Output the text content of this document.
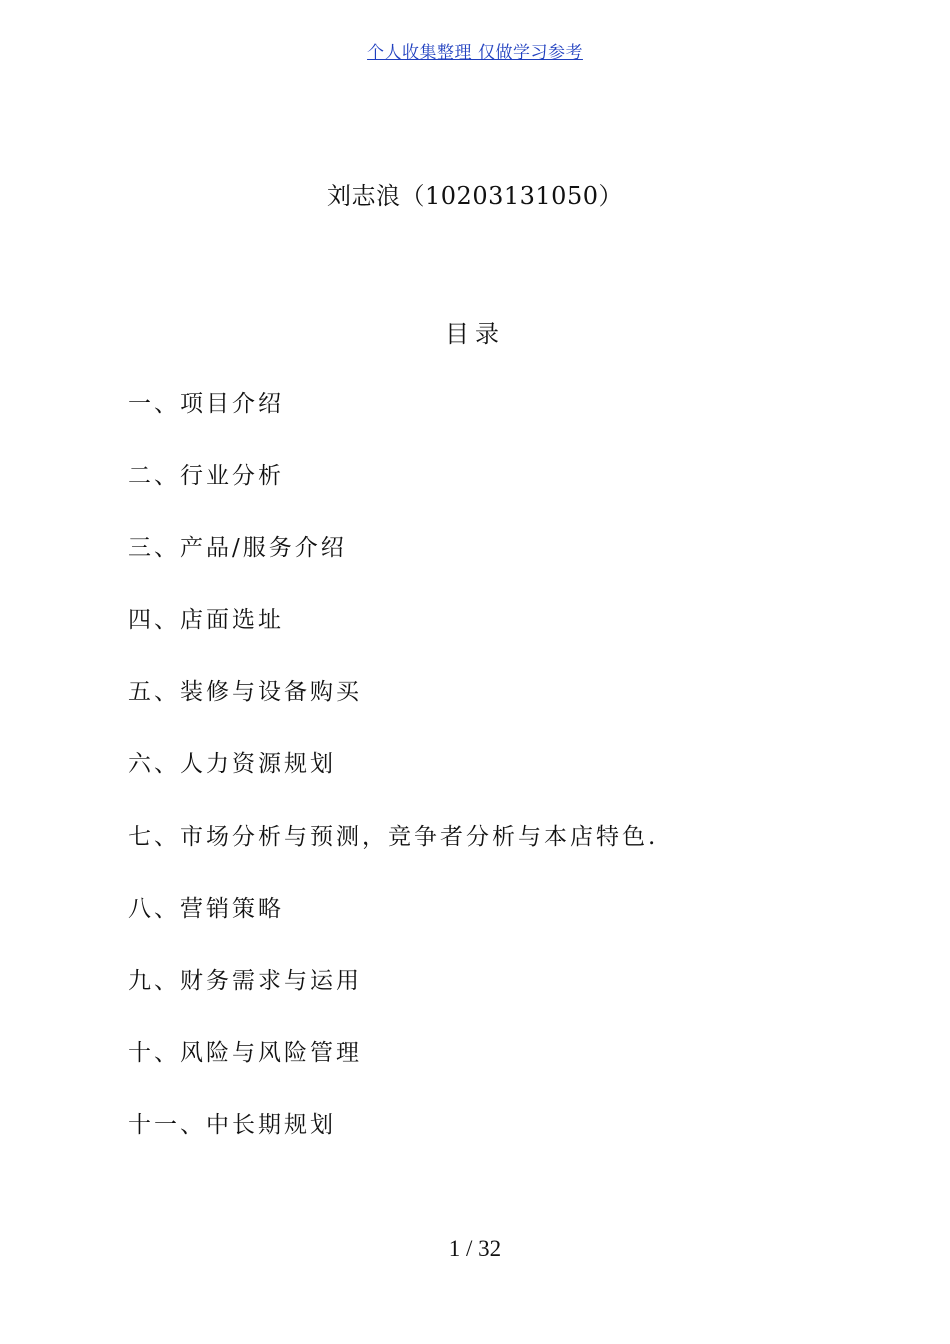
个人收集整理 仅做学习参考
刘志浪（10203131050）
目录
一、项目介绍
二、行业分析
三、产品/服务介绍
四、店面选址
五、装修与设备购买
六、人力资源规划
七、市场分析与预测，竞争者分析与本店特色.
八、营销策略
九、财务需求与运用
十、风险与风险管理
十一、中长期规划
1 / 32
